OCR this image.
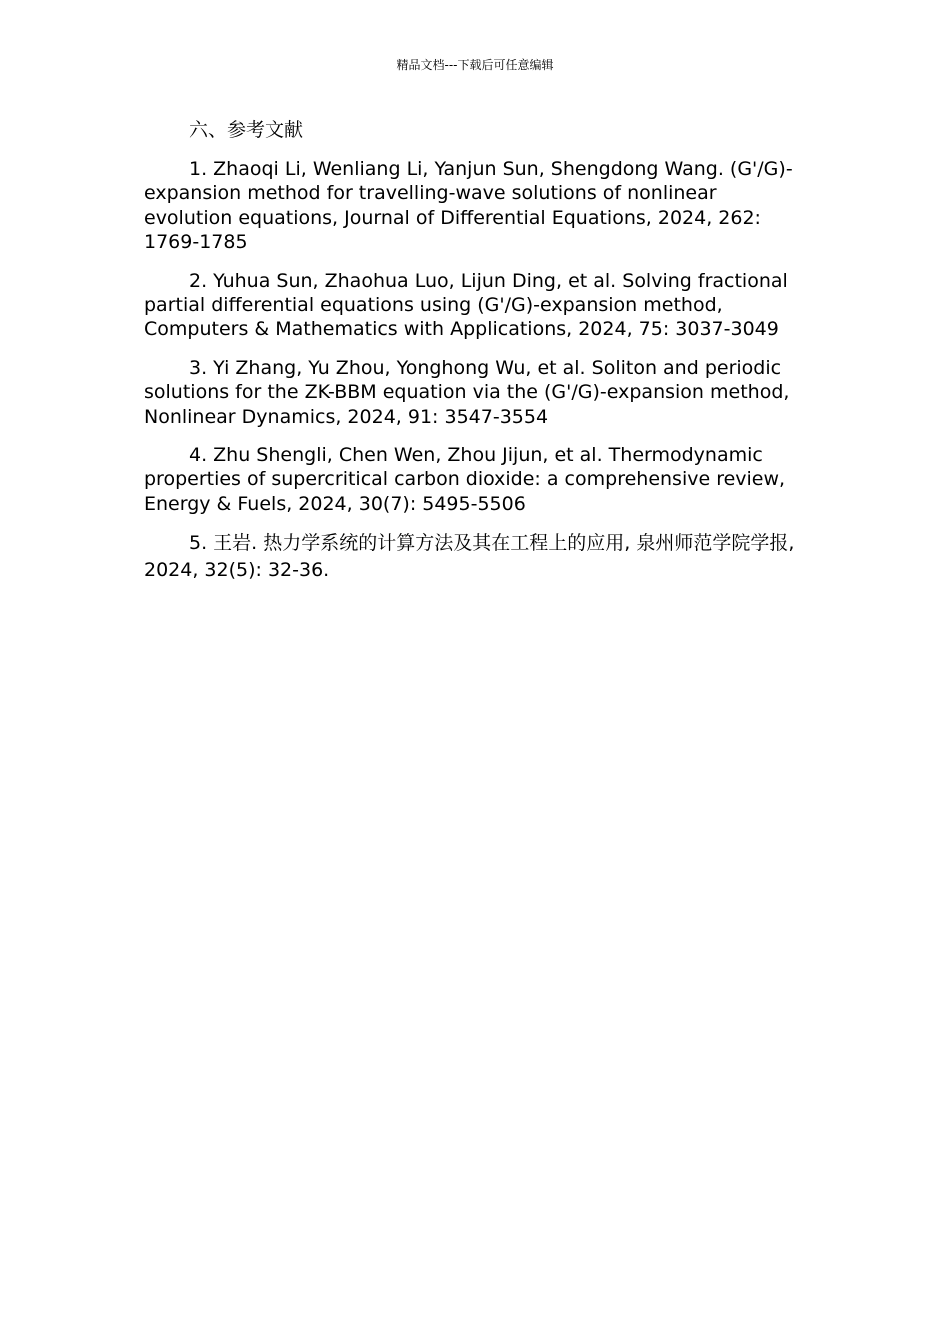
精品文档---下载后可任意编辑
六、参考文献
1. Zhaoqi Li, Wenliang Li, Yanjun Sun, Shengdong Wang. (G'/G)-expansion method for travelling-wave solutions of nonlinear evolution equations, Journal of Differential Equations, 2024, 262: 1769-1785
2. Yuhua Sun, Zhaohua Luo, Lijun Ding, et al. Solving fractional partial differential equations using (G'/G)-expansion method, Computers & Mathematics with Applications, 2024, 75: 3037-3049
3. Yi Zhang, Yu Zhou, Yonghong Wu, et al. Soliton and periodic solutions for the ZK-BBM equation via the (G'/G)-expansion method, Nonlinear Dynamics, 2024, 91: 3547-3554
4. Zhu Shengli, Chen Wen, Zhou Jijun, et al. Thermodynamic properties of supercritical carbon dioxide: a comprehensive review, Energy & Fuels, 2024, 30(7): 5495-5506
5. 王岩. 热力学系统的计算方法及其在工程上的应用, 泉州师范学院学报, 2024, 32(5): 32-36.
